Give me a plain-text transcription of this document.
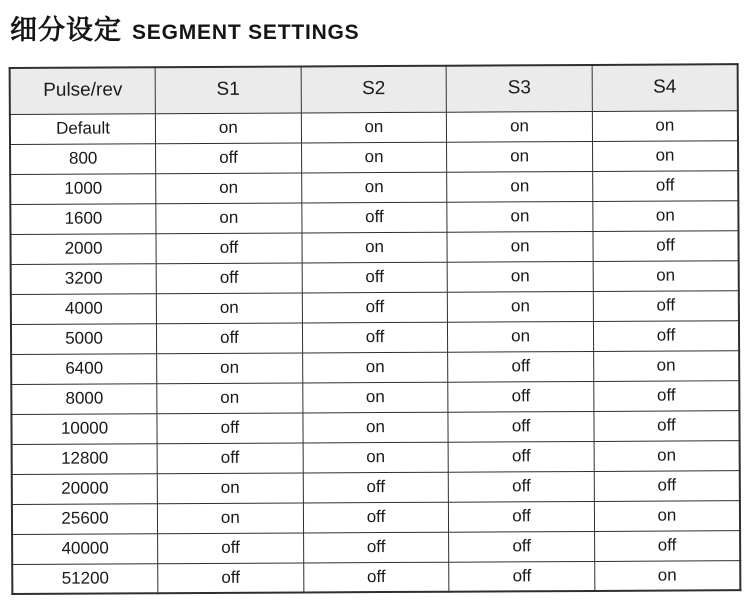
细分设定 SEGMENT SETTINGS
Pulse/rev	S1	S2	S3	S4
Default	on	on	on	on
800	off	on	on	on
1000	on	on	on	off
1600	on	off	on	on
2000	off	on	on	off
3200	off	off	on	on
4000	on	off	on	off
5000	off	off	on	off
6400	on	on	off	on
8000	on	on	off	off
10000	off	on	off	off
12800	off	on	off	on
20000	on	off	off	off
25600	on	off	off	on
40000	off	off	off	off
51200	off	off	off	on
